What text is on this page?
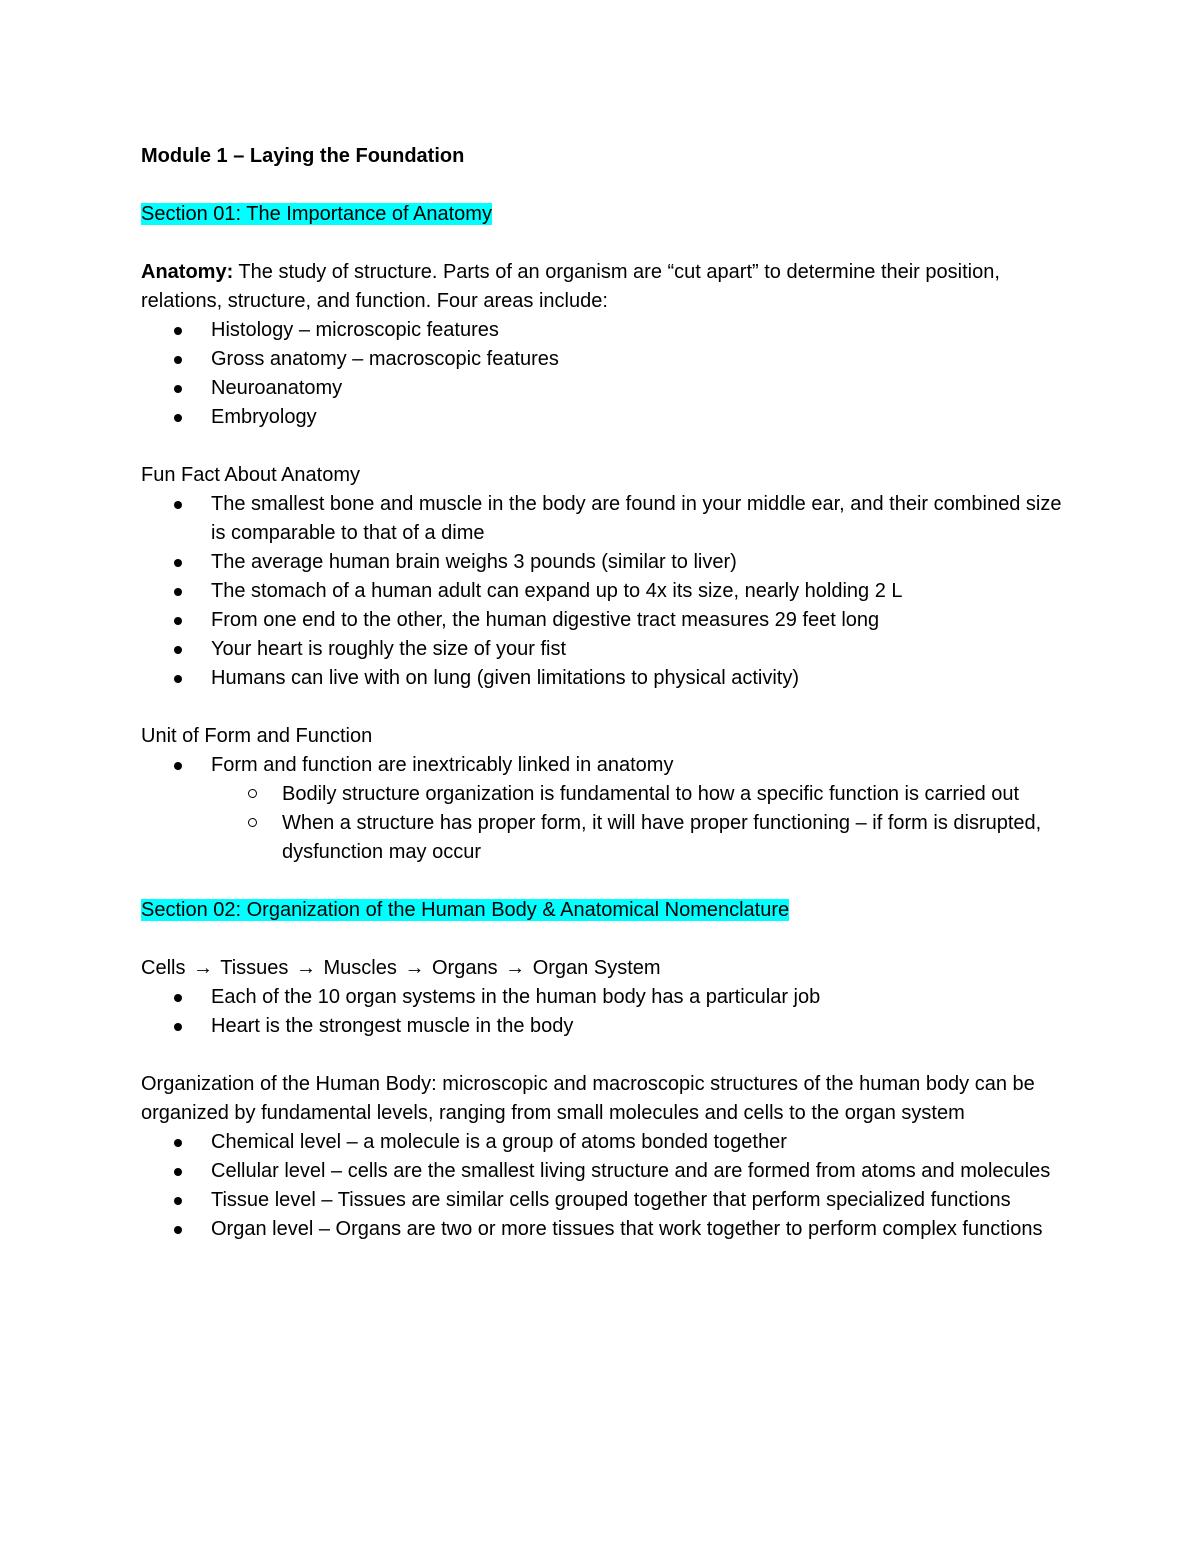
Module 1 – Laying the Foundation

Section 01: The Importance of Anatomy

Anatomy: The study of structure. Parts of an organism are “cut apart” to determine their position, relations, structure, and function. Four areas include:

Histology – microscopic features
Gross anatomy – macroscopic features
Neuroanatomy
Embryology

Fun Fact About Anatomy

The smallest bone and muscle in the body are found in your middle ear, and their combined size is comparable to that of a dime
The average human brain weighs 3 pounds (similar to liver)
The stomach of a human adult can expand up to 4x its size, nearly holding 2 L
From one end to the other, the human digestive tract measures 29 feet long
Your heart is roughly the size of your fist
Humans can live with on lung (given limitations to physical activity)

Unit of Form and Function

Form and function are inextricably linked in anatomy
Bodily structure organization is fundamental to how a specific function is carried out
When a structure has proper form, it will have proper functioning – if form is disrupted, dysfunction may occur

Section 02: Organization of the Human Body & Anatomical Nomenclature

Cells → Tissues → Muscles → Organs → Organ System

Each of the 10 organ systems in the human body has a particular job
Heart is the strongest muscle in the body

Organization of the Human Body: microscopic and macroscopic structures of the human body can be organized by fundamental levels, ranging from small molecules and cells to the organ system

Chemical level – a molecule is a group of atoms bonded together
Cellular level – cells are the smallest living structure and are formed from atoms and molecules
Tissue level – Tissues are similar cells grouped together that perform specialized functions
Organ level – Organs are two or more tissues that work together to perform complex functions
